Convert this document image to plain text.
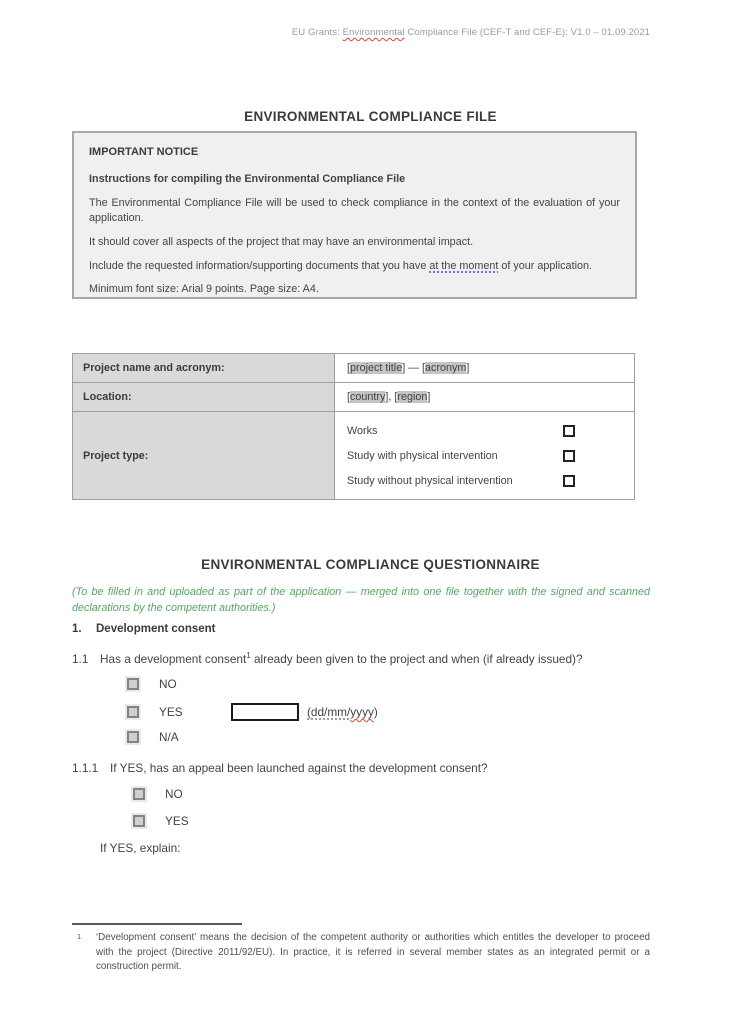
EU Grants: Environmental Compliance File (CEF-T and CEF-E): V1.0 – 01.09.2021
ENVIRONMENTAL COMPLIANCE FILE
IMPORTANT NOTICE

Instructions for compiling the Environmental Compliance File

The Environmental Compliance File will be used to check compliance in the context of the evaluation of your application.

It should cover all aspects of the project that may have an environmental impact.

Include the requested information/supporting documents that you have at the moment of your application.

Minimum font size: Arial 9 points. Page size: A4.

Project name and acronym:	[project title] — [acronym]
Location:	[country], [region]
Project type:	Works
Study with physical intervention
Study without physical intervention
ENVIRONMENTAL COMPLIANCE QUESTIONNAIRE
(To be filled in and uploaded as part of the application — merged into one file together with the signed and scanned declarations by the competent authorities.)
1. Development consent
1.1 Has a development consent$^1$ already been given to the project and when (if already issued)?
NO
YES	(dd/mm/yyyy)
N/A
1.1.1 If YES, has an appeal been launched against the development consent?
NO
YES
If YES, explain:
1	‘Development consent’ means the decision of the competent authority or authorities which entitles the developer to proceed with the project (Directive 2011/92/EU). In practice, it is referred in several member states as an integrated permit or a construction permit.
